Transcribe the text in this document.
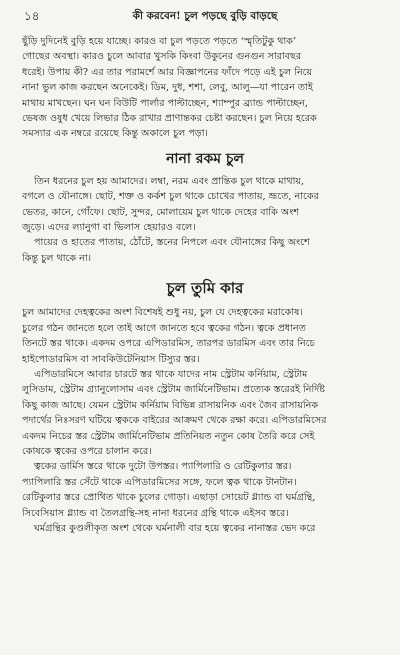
১৪	কী করবেন! চুল পড়ছে বুড়ি বাড়ছে

ছুঁড়ি দুদিনেই বুড়ি হয়ে যাচ্ছে। কারও বা চুল পড়তে পড়তে ‘স্মৃতিটুকু থাক’

গোছের অবস্থা। কারও চুলে আবার খুসকি কিংবা উকুনের গুনগুন সারাবছর

ধরেই। উপায় কী? এর তার পরামর্শে আর বিজ্ঞাপনের ফাঁদে পড়ে এই চুল নিয়ে

নানা ভুল কাজ করছেন অনেকেই। ডিম, দুধ, শশা, লেবু, আলু—যা পারেন তাই

মাথায় মাখছেন। ঘন ঘন বিউটি পার্লার পাল্টাচ্ছেন, শ্যাম্পুর ব্র্যান্ড পাল্টাচ্ছেন,

ভেষজ ওষুধ খেয়ে লিভার ঠিক রাখার প্রাণান্তকর চেষ্টা করছেন। চুল নিয়ে হরেক

সমস্যার এক নম্বরে রয়েছে কিন্তু অকালে চুল পড়া।

নানা রকম চুল

তিন ধরনের চুল হয় আমাদের। লম্বা, নরম এবং প্রান্তিক চুল থাকে মাথায়,

বগলে ও যৌনাঙ্গে। ছোট, শক্ত ও কর্কশ চুল থাকে চোখের পাতায়, ভ্রূতে, নাকের

ভেতর, কানে, গোঁফে। ছোট, সুন্দর, মোলায়েম চুল থাকে দেহের বাকি অংশ

জুড়ে। এদের ল্যানুগা বা ভিলাস হেয়ারও বলে।

পায়ের ও হাতের পাতায়, ঠোঁটে, স্তনের নিপলে এবং যৌনাঙ্গের কিছু অংশে

কিন্তু চুল থাকে না।

চুল তুমি কার

চুল আমাদের দেহত্বকের অংশ বিশেষই শুধু নয়, চুল যে দেহত্বকের মরাকোষ।

চুলের গঠন জানতে হলে তাই আগে জানতে হবে ত্বকের গঠন। ত্বকে প্রধানত

তিনটে স্তর থাকে। একদম ওপরে এপিডারমিস, তারপর ডারমিস এবং তার নিচে

হাইপোডারমিস বা সাবকিউটেনিয়াস টিস্যুর স্তর।

এপিডারমিসে আবার চারটে স্তর থাকে যাদের নাম স্ট্রেটাম কর্নিয়াম, স্ট্রেটাম

লুসিডাম, স্ট্রেটাম গ্র্যানুলোসাম এবং স্ট্রেটাম জার্মিনেটিভাম। প্রত্যেক স্তরেরই নির্দিষ্ট

কিছু কাজ আছে। যেমন স্ট্রেটাম কর্নিয়াম বিভিন্ন রাসায়নিক এবং জৈব রাসায়নিক

পদার্থের নিঃসরণ ঘটিয়ে ত্বককে বাইরের আক্রমণ থেকে রক্ষা করে। এপিডারমিসের

একদম নিচের স্তর স্ট্রেটাম জার্মিনেটিভাম প্রতিনিয়ত নতুন কোষ তৈরি করে সেই

কোষকে ত্বকের ওপরে চালান করে।

ত্বকের ডার্মিস স্তরে থাকে দুটো উপস্তর। প্যাপিলারি ও রেটিকুলার স্তর।

প্যাপিলারি স্তর সেঁটে থাকে এপিডারমিসের সঙ্গে, ফলে ত্বক থাকে টানটান।

রেটিকুলার স্তরে প্রোথিত থাকে চুলের গোড়া। এছাড়া সোয়েট গ্ল্যান্ড বা ঘর্মগ্রন্থি,

সিবেসিয়াস গ্ল্যান্ড বা তৈলগ্রন্থি-সহ নানা ধরনের গ্রন্থি থাকে এইসব স্তরে।

ঘর্মগ্রন্থির কুণ্ডলীকৃত অংশ থেকে ঘর্মনালী বার হয়ে ত্বকের নানাস্তর ভেদ করে
